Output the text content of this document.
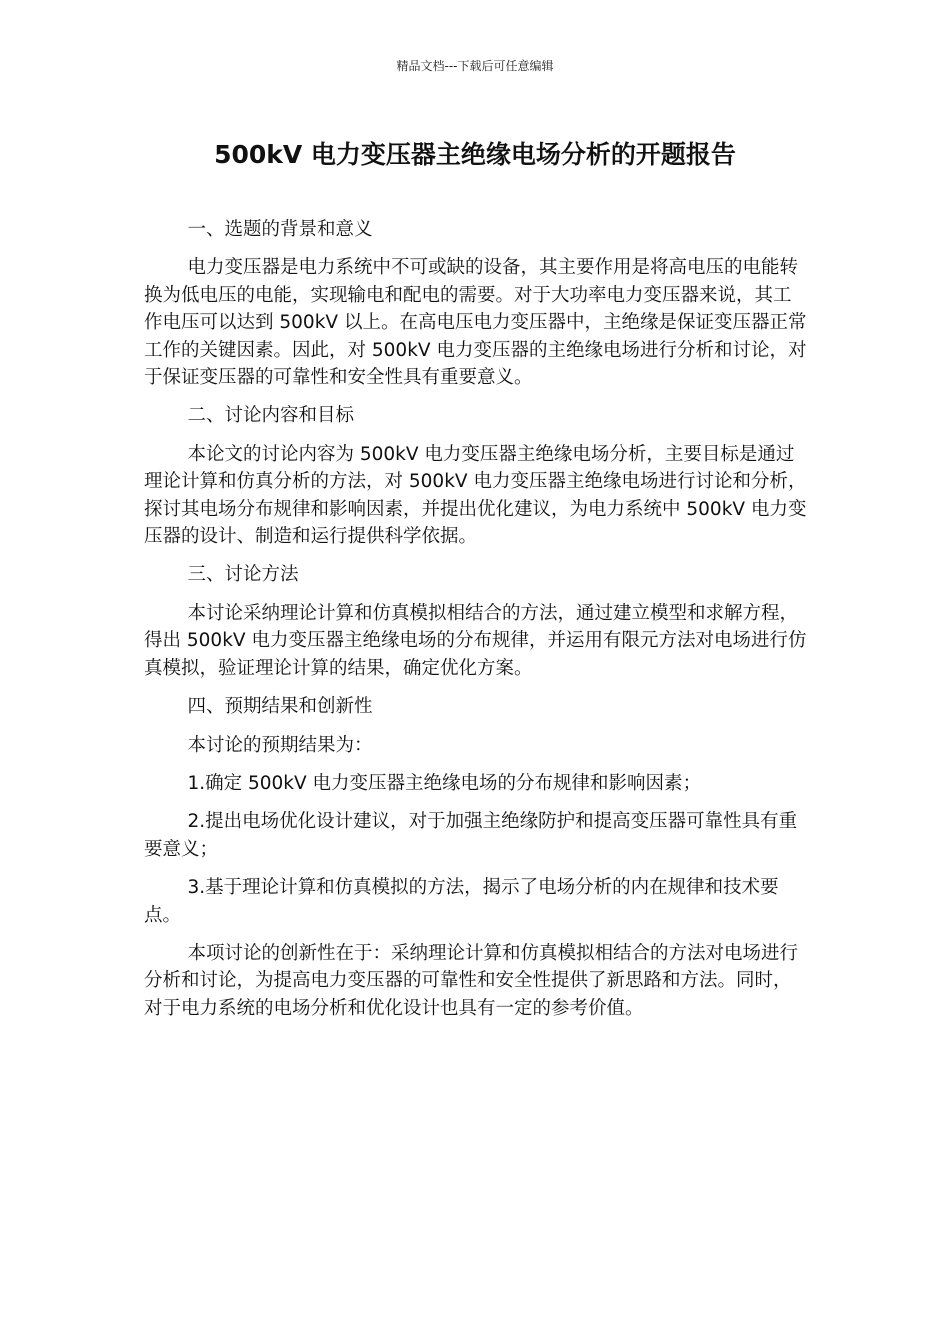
精品文档---下载后可任意编辑
500kV 电力变压器主绝缘电场分析的开题报告

一、选题的背景和意义

电力变压器是电力系统中不可或缺的设备，其主要作用是将高电压的电能转换为低电压的电能，实现输电和配电的需要。对于大功率电力变压器来说，其工作电压可以达到 500kV 以上。在高电压电力变压器中，主绝缘是保证变压器正常工作的关键因素。因此，对 500kV 电力变压器的主绝缘电场进行分析和讨论，对于保证变压器的可靠性和安全性具有重要意义。

二、讨论内容和目标

本论文的讨论内容为 500kV 电力变压器主绝缘电场分析，主要目标是通过理论计算和仿真分析的方法，对 500kV 电力变压器主绝缘电场进行讨论和分析，探讨其电场分布规律和影响因素，并提出优化建议，为电力系统中 500kV 电力变压器的设计、制造和运行提供科学依据。

三、讨论方法

本讨论采纳理论计算和仿真模拟相结合的方法，通过建立模型和求解方程，得出 500kV 电力变压器主绝缘电场的分布规律，并运用有限元方法对电场进行仿真模拟，验证理论计算的结果，确定优化方案。

四、预期结果和创新性

本讨论的预期结果为：

1.确定 500kV 电力变压器主绝缘电场的分布规律和影响因素；

2.提出电场优化设计建议，对于加强主绝缘防护和提高变压器可靠性具有重要意义；

3.基于理论计算和仿真模拟的方法，揭示了电场分析的内在规律和技术要点。

本项讨论的创新性在于：采纳理论计算和仿真模拟相结合的方法对电场进行分析和讨论，为提高电力变压器的可靠性和安全性提供了新思路和方法。同时，对于电力系统的电场分析和优化设计也具有一定的参考价值。
